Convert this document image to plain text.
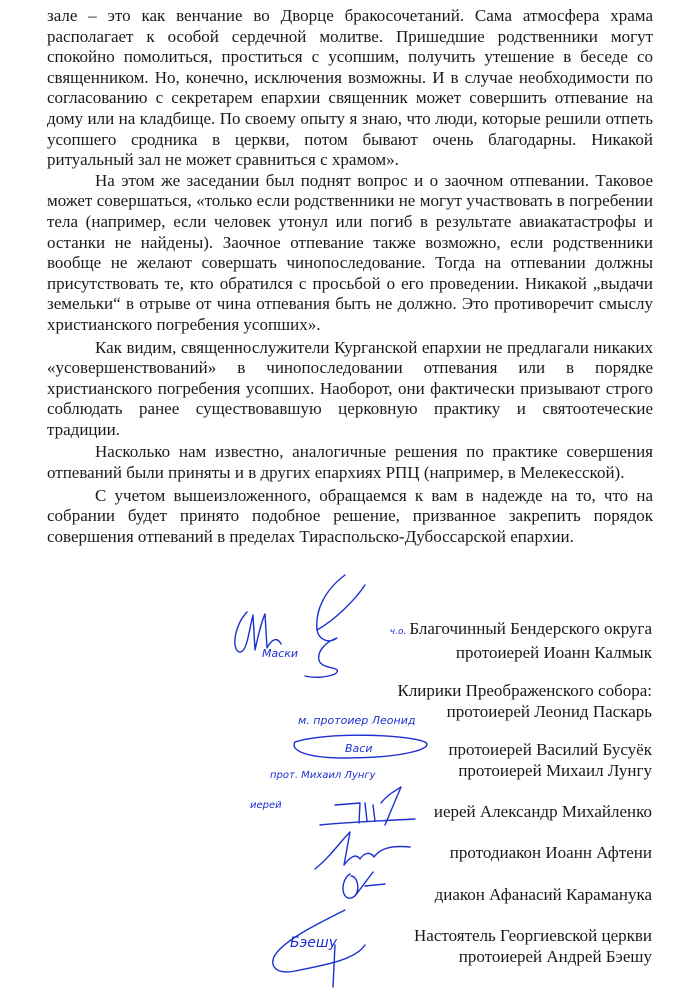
зале – это как венчание во Дворце бракосочетаний. Сама атмосфера храма располагает к особой сердечной молитве. Пришедшие родственники могут спокойно помолиться, проститься с усопшим, получить утешение в беседе со священником. Но, конечно, исключения возможны. И в случае необходимости по согласованию с секретарем епархии священник может совершить отпевание на дому или на кладбище. По своему опыту я знаю, что люди, которые решили отпеть усопшего сродника в церкви, потом бывают очень благодарны. Никакой ритуальный зал не может сравниться с храмом».

На этом же заседании был поднят вопрос и о заочном отпевании. Таковое может совершаться, «только если родственники не могут участвовать в погребении тела (например, если человек утонул или погиб в результате авиакатастрофы и останки не найдены). Заочное отпевание также возможно, если родственники вообще не желают совершать чинопоследование. Тогда на отпевании должны присутствовать те, кто обратился с просьбой о его проведении. Никакой „выдачи земельки“ в отрыве от чина отпевания быть не должно. Это противоречит смыслу христианского погребения усопших».

Как видим, священнослужители Курганской епархии не предлагали никаких «усовершенствований» в чинопоследовании отпевания или в порядке христианского погребения усопших. Наоборот, они фактически призывают строго соблюдать ранее существовавшую церковную практику и святоотеческие традиции.

Насколько нам известно, аналогичные решения по практике совершения отпеваний были приняты и в других епархиях РПЦ (например, в Мелекесской).

С учетом вышеизложенного, обращаемся к вам в надежде на то, что на собрании будет принято подобное решение, призванное закрепить порядок совершения отпеваний в пределах Тираспольско-Дубоссарской епархии.

Маски
ч.о. Благочинный Бендерского округа
протоиерей Иоанн Калмык
Клирики Преображенского собора:
протоиерей Леонид Паскарь
м. протоиер Леонид
Васи	протоиерей Василий Бусуёк
протоиерей Михаил Лунгу
прот. Михаил Лунгу
иерей	иерей Александр Михайленко
протодиакон Иоанн Афтени
диакон Афанасий Караманука
Бэешу	Настоятель Георгиевской церкви
протоиерей Андрей Бэешу
